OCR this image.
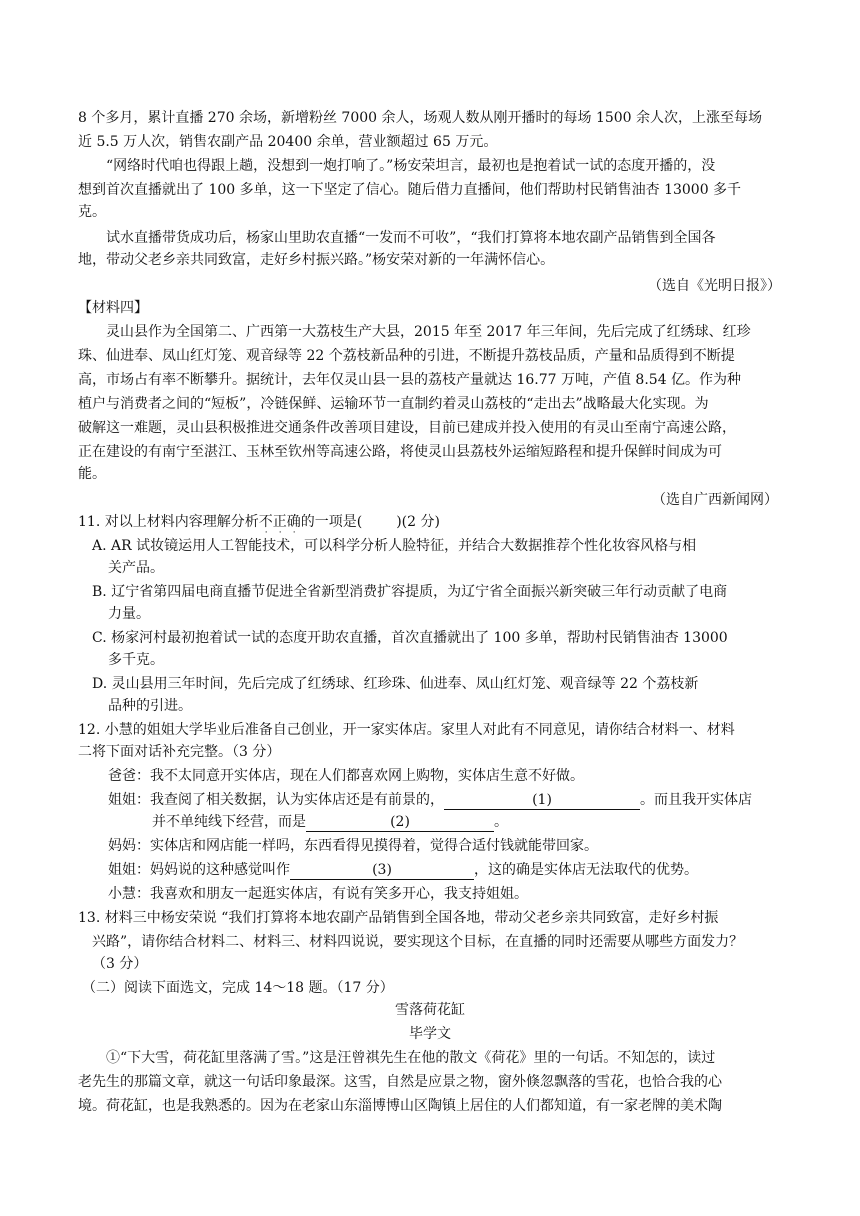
8 个多月，累计直播 270 余场，新增粉丝 7000 余人，场观人数从刚开播时的每场 1500 余人次，上涨至每场
近 5.5 万人次，销售农副产品 20400 余单，营业额超过 65 万元。
“网络时代咱也得跟上趟，没想到一炮打响了。”杨安荣坦言，最初也是抱着试一试的态度开播的，没
想到首次直播就出了 100 多单，这一下坚定了信心。随后借力直播间，他们帮助村民销售油杏 13000 多千
克。
试水直播带货成功后，杨家山里助农直播“一发而不可收”，“我们打算将本地农副产品销售到全国各
地，带动父老乡亲共同致富，走好乡村振兴路。”杨安荣对新的一年满怀信心。
（选自《光明日报》）
【材料四】
灵山县作为全国第二、广西第一大荔枝生产大县，2015 年至 2017 年三年间，先后完成了红绣球、红珍
珠、仙进奉、凤山红灯笼、观音绿等 22 个荔枝新品种的引进，不断提升荔枝品质，产量和品质得到不断提
高，市场占有率不断攀升。据统计，去年仅灵山县一县的荔枝产量就达 16.77 万吨，产值 8.54 亿。作为种
植户与消费者之间的“短板”，冷链保鲜、运输环节一直制约着灵山荔枝的“走出去”战略最大化实现。为
破解这一难题，灵山县积极推进交通条件改善项目建设，目前已建成并投入使用的有灵山至南宁高速公路，
正在建设的有南宁至湛江、玉林至钦州等高速公路，将使灵山县荔枝外运缩短路程和提升保鲜时间成为可
能。
（选自广西新闻网）
11. 对以上材料内容理解分析不正确
· · ·
的一项是( )(2 分)
A. AR 试妆镜运用人工智能技术，可以科学分析人脸特征，并结合大数据推荐个性化妆容风格与相
关产品。
B. 辽宁省第四届电商直播节促进全省新型消费扩容提质，为辽宁省全面振兴新突破三年行动贡献了电商
力量。
C. 杨家河村最初抱着试一试的态度开助农直播，首次直播就出了 100 多单，帮助村民销售油杏 13000
多千克。
D. 灵山县用三年时间，先后完成了红绣球、红珍珠、仙进奉、凤山红灯笼、观音绿等 22 个荔枝新
品种的引进。
12. 小慧的姐姐大学毕业后准备自己创业，开一家实体店。家里人对此有不同意见，请你结合材料一、材料
二将下面对话补充完整。（3 分）
爸爸：我不太同意开实体店，现在人们都喜欢网上购物，实体店生意不好做。
姐姐：我查阅了相关数据，认为实体店还是有前景的，	(1)	。而且我开实体店
并不单纯线下经营，而是	(2)	。
妈妈：实体店和网店能一样吗，东西看得见摸得着，觉得合适付钱就能带回家。
姐姐：妈妈说的这种感觉叫作	(3)	，这的确是实体店无法取代的优势。
小慧：我喜欢和朋友一起逛实体店，有说有笑多开心，我支持姐姐。
13. 材料三中杨安荣说 “我们打算将本地农副产品销售到全国各地，带动父老乡亲共同致富，走好乡村振
兴路”，请你结合材料二、材料三、材料四说说，要实现这个目标，在直播的同时还需要从哪些方面发力？
（3 分）
（二）阅读下面选文，完成 14～18 题。（17 分）
雪落荷花缸
毕学文
①“下大雪，荷花缸里落满了雪。”这是汪曾祺先生在他的散文《荷花》里的一句话。不知怎的，读过
老先生的那篇文章，就这一句话印象最深。这雪，自然是应景之物，窗外倏忽飘落的雪花，也恰合我的心
境。荷花缸，也是我熟悉的。因为在老家山东淄博博山区陶镇上居住的人们都知道，有一家老牌的美术陶
